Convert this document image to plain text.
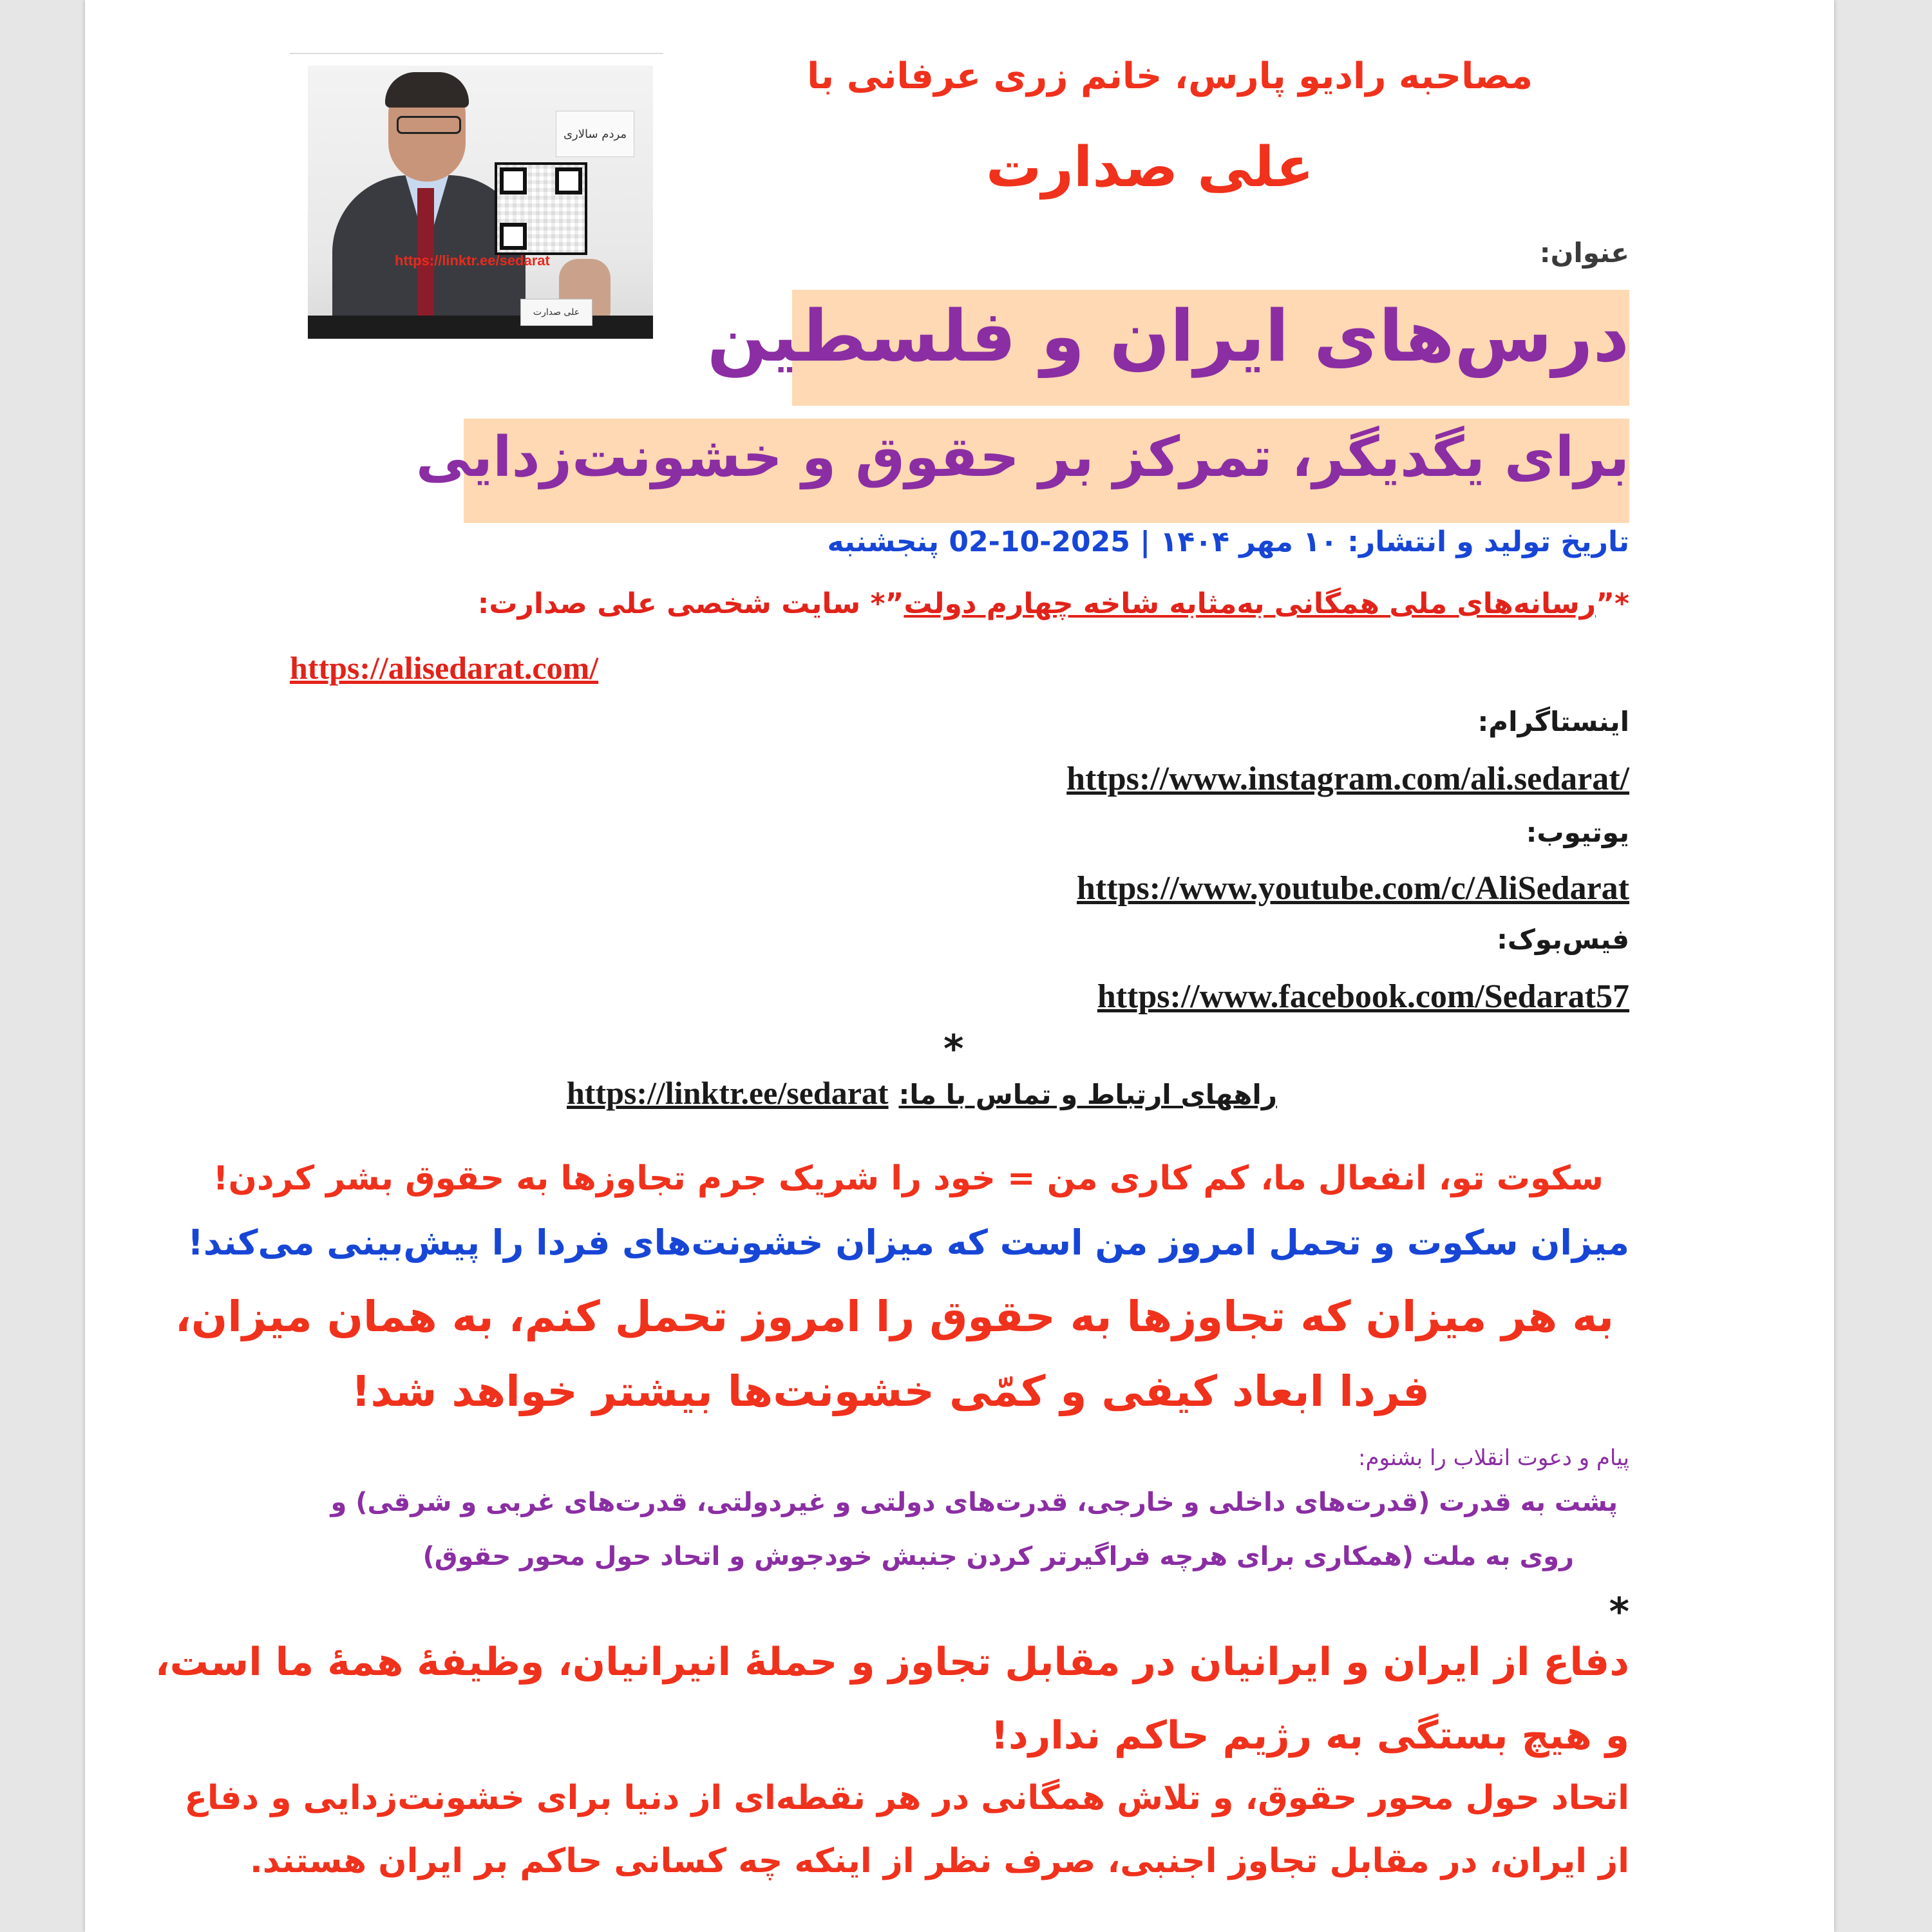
مردم سالاری
https://linktr.ee/sedarat
علی صدارت
مصاحبه رادیو پارس، خانم زری عرفانی با
علی صدارت
عنوان:
درس‌های ایران و فلسطین
برای یگدیگر، تمرکز بر حقوق و خشونت‌زدایی
تاریخ تولید و انتشار: ۱۰ مهر ۱۴۰۴ | 2025-10-02 پنجشنبه
*”رسانه‌های ملی همگانی به‌مثابه شاخه چهارم دولت”* سایت شخصی علی صدارت:
https://alisedarat.com/
اینستاگرام:
https://www.instagram.com/ali.sedarat/
یوتیوب:
https://www.youtube.com/c/AliSedarat
فیس‌بوک:
https://www.facebook.com/Sedarat57
*
https://linktr.ee/sedarat راههای ارتباط و تماس با ما:
سکوت تو، انفعال ما، کم کاری من = خود را شریک جرم تجاوزها به حقوق بشر کردن!
میزان سکوت و تحمل امروز من است که میزان خشونت‌های فردا را پیش‌بینی می‌کند!
به هر میزان که تجاوزها به حقوق را امروز تحمل کنم، به همان میزان،
فردا ابعاد کیفی و کمّی خشونت‌ها بیشتر خواهد شد!
پیام و دعوت انقلاب را بشنوم:
پشت به قدرت (قدرت‌های داخلی و خارجی، قدرت‌های دولتی و غیردولتی، قدرت‌های غربی و شرقی) و
روی به ملت (همکاری برای هرچه فراگیرتر کردن جنبش خودجوش و اتحاد حول محور حقوق)
*
دفاع از ایران و ایرانیان در مقابل تجاوز و حملهٔ انیرانیان، وظیفهٔ همهٔ ما است،
و هیچ بستگی به رژیم حاکم ندارد!
اتحاد حول محور حقوق، و تلاش همگانی در هر نقطه‌ای از دنیا برای خشونت‌زدایی و دفاع
از ایران، در مقابل تجاوز اجنبی، صرف نظر از اینکه چه کسانی حاکم بر ایران هستند.
